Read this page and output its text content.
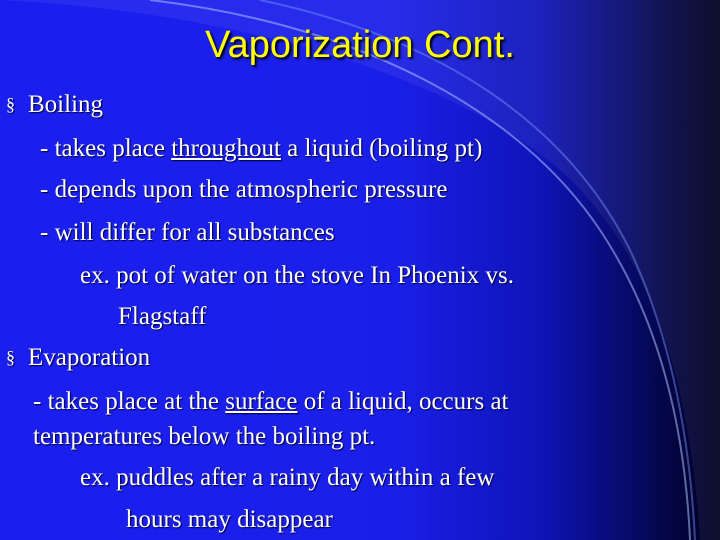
Vaporization Cont.
§ Boiling
- takes place throughout a liquid (boiling pt)
- depends upon the atmospheric pressure
- will differ for all substances
ex. pot of water on the stove In Phoenix vs.
Flagstaff
§ Evaporation
- takes place at the surface of a liquid, occurs at
temperatures below the boiling pt.
ex. puddles after a rainy day within a few
hours may disappear
